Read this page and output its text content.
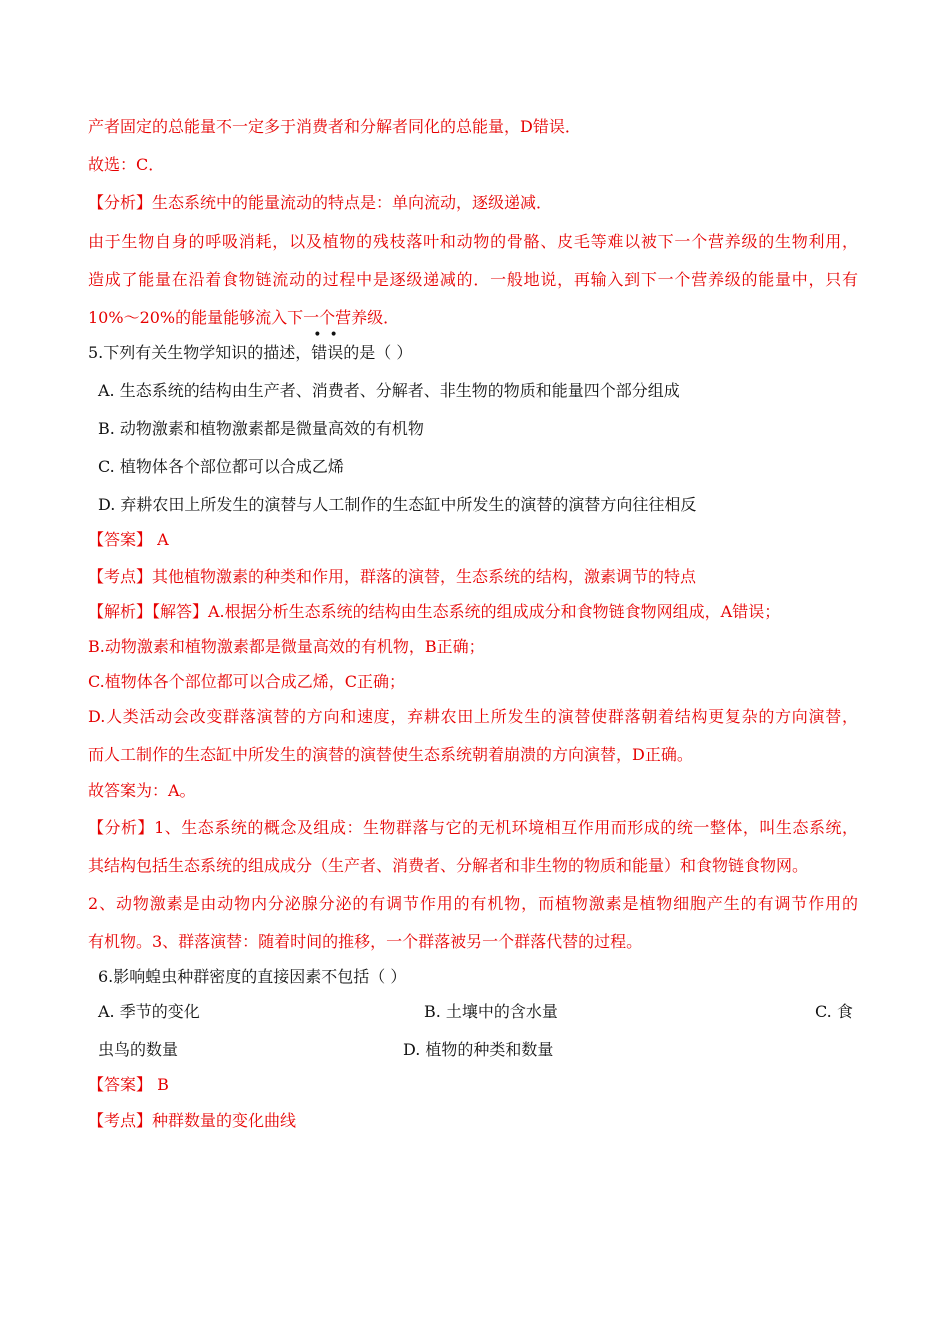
产者固定的总能量不一定多于消费者和分解者同化的总能量，D错误．
故选：C．
【分析】生态系统中的能量流动的特点是：单向流动，逐级递减．
由于生物自身的呼吸消耗，以及植物的残枝落叶和动物的骨骼、皮毛等难以被下一个营养级的生物利用，
造成了能量在沿着食物链流动的过程中是逐级递减的．一般地说，再输入到下一个营养级的能量中，只有
10%～20%的能量能够流入下一个营养级．
5.下列有关生物学知识的描述，
••
错误的是（ ）
A. 生态系统的结构由生产者、消费者、分解者、非生物的物质和能量四个部分组成
B. 动物激素和植物激素都是微量高效的有机物
C. 植物体各个部位都可以合成乙烯
D. 弃耕农田上所发生的演替与人工制作的生态缸中所发生的演替的演替方向往往相反
【答案】 A
【考点】其他植物激素的种类和作用，群落的演替，生态系统的结构，激素调节的特点
【解析】【解答】A.根据分析生态系统的结构由生态系统的组成成分和食物链食物网组成，A错误；
B.动物激素和植物激素都是微量高效的有机物，B正确；
C.植物体各个部位都可以合成乙烯，C正确；
D.人类活动会改变群落演替的方向和速度，弃耕农田上所发生的演替使群落朝着结构更复杂的方向演替，
而人工制作的生态缸中所发生的演替的演替使生态系统朝着崩溃的方向演替，D正确。
故答案为：A。
【分析】1、生态系统的概念及组成：生物群落与它的无机环境相互作用而形成的统一整体，叫生态系统，
其结构包括生态系统的组成成分（生产者、消费者、分解者和非生物的物质和能量）和食物链食物网。
2、动物激素是由动物内分泌腺分泌的有调节作用的有机物，而植物激素是植物细胞产生的有调节作用的
有机物。3、群落演替：随着时间的推移，一个群落被另一个群落代替的过程。
6.影响蝗虫种群密度的直接因素不包括（ ）
A. 季节的变化	B. 土壤中的含水量	C. 食
虫鸟的数量	D. 植物的种类和数量
【答案】 B
【考点】种群数量的变化曲线
